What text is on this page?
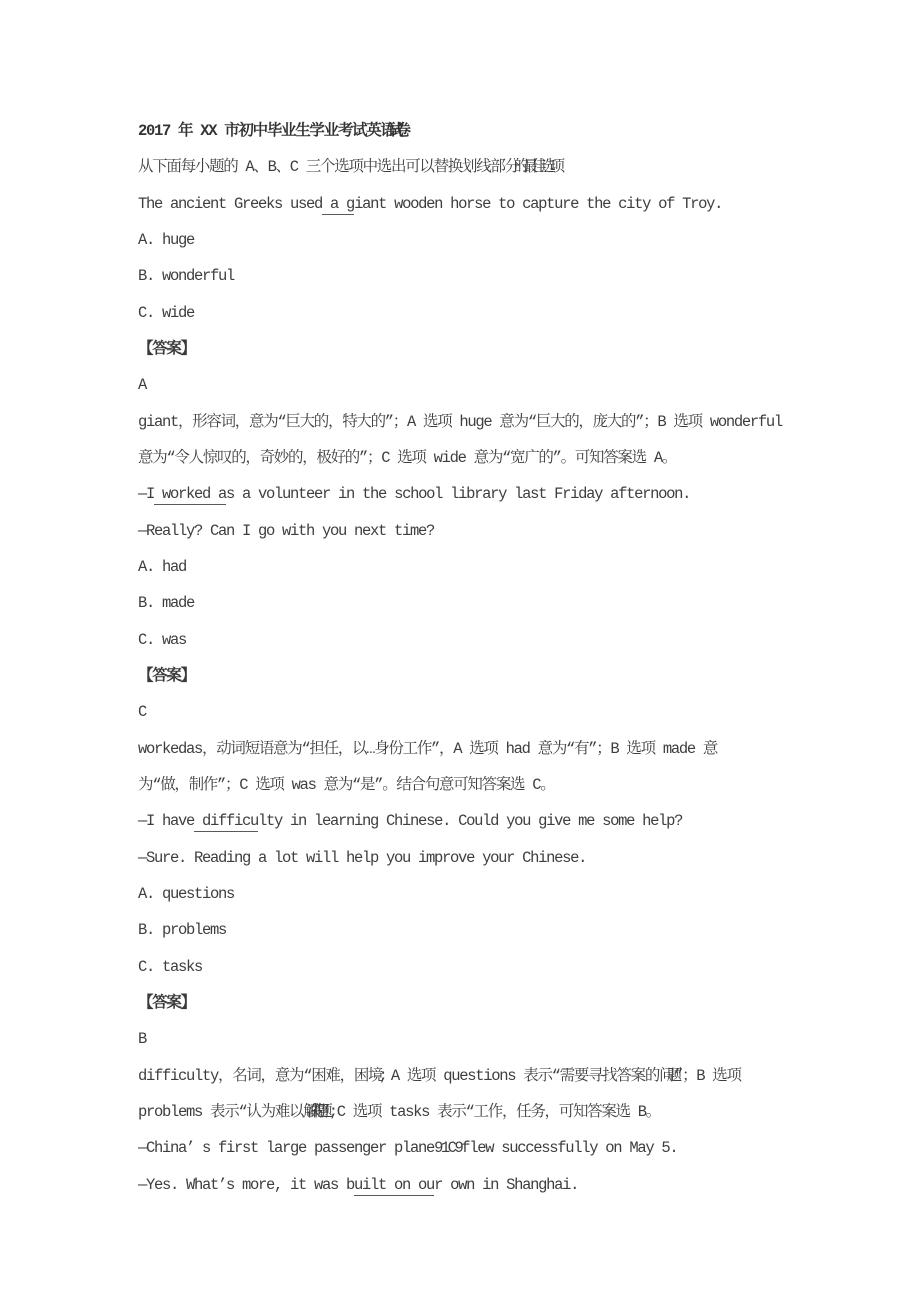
2017 年 XX 市初中毕业生学业考试英语试卷
从下面每小题的 A、B、C 三个选项中选出可以替换划线部分的最佳选项
The ancient Greeks used a giant wooden horse to capture the city of Troy.
A. huge
B. wonderful
C. wide
【答案】
A
giant，形容词，意为“巨大的，特大的”；A 选项 huge 意为“巨大的，庞大的”；B 选项 wonderful
意为“令人惊叹的，奇妙的，极好的”；C 选项 wide 意为“宽广的”。可知答案选 A。
—I worked as a volunteer in the school library last Friday afternoon.
—Really? Can I go with you next time?
A. had
B. made
C. was
【答案】
C
workedas，动词短语意为“担任，以…身份工作”，A 选项 had 意为“有”；B 选项 made 意
为“做，制作”；C 选项 was 意为“是”。结合句意可知答案选 C。
—I have difficulty in learning Chinese. Could you give me some help?
—Sure. Reading a lot will help you improve your Chinese.
A. questions
B. problems
C. tasks
【答案】
B
difficulty，名词，意为“困难，困境; A 选项 questions 表示“需要寻找答案的问题”；B 选项
problems 表示“认为难以解决的问题”;C 选项 tasks 表示“工作，任务，可知答案选 B。
—China’ s first large passenger plane91C9flew successfully on May 5.
—Yes. What’s more, it was built on our own in Shanghai.
